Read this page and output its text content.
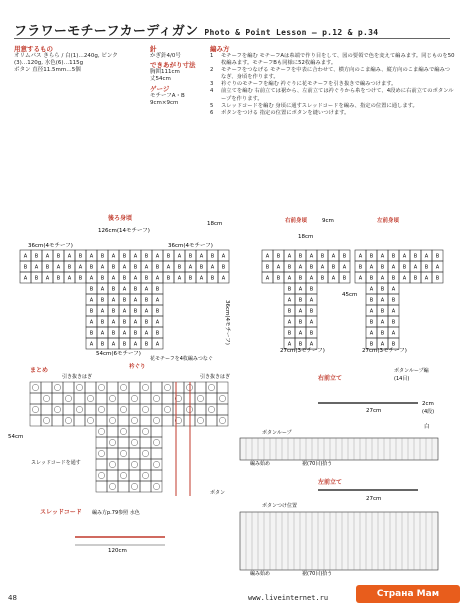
フラワーモチーフカーディガン Photo & Point Lesson – p.12 & p.34
用意するもの
オリムパス きらら / 白(1)…240g, ピンク
(3)…120g, 水色(6)…115g
ボタン 直径11.5mm…5個
針
かぎ針4/0号
できあがり寸法
胸囲111cm
丈54cm
ゲージ
モチーフA・B
9cm×9cm
編み方
1	モチーフを編む モチーフAは糸端で作り目をして、図の要領で色を変えて編みます。同じものを50枚編みます。モチーフBも同様に52枚編みます。
2	モチーフをつなげる モチーフを中表に合わせて、横方向のこま編み、縦方向のこま編みで編みつなぎ、身頃を作ります。
3	衿ぐりのモチーフを編む 衿ぐりに花モチーフを引き抜きで編みつけます。
4	前立てを編む 右前立ては裾から、左前立ては衿ぐりから糸をつけて、4段めに右前立てのボタンループを作ります。
5	スレッドコードを編む 身頃に通すスレッドコードを編み、指定の位置に通します。
6	ボタンをつける 指定の位置にボタンを縫いつけます。
A B A B A B A B A B A B A B A B A B A
B A B A B A B A B A B A B A B A B A B
A B A B A B A B A B A B A B A B A B A
B A B A B A B
A B A B A B A
B A B A B A B
A B A B A B A
B A B A B A B
A B A B A B A
A B A B A B A B
B A B A B A B A
A B A B A B A B
B A B
A B A
B A B
A B A
B A B
A B A
A B A B A B A B
B A B A B A B A
A B A B A B A B
A B A
B A B
A B A
B A B
A B A
B A B
後ろ身頃
126cm(14モチーフ)
36cm(4モチーフ)	36cm(4モチーフ)
54cm(6モチーフ)
18cm
36cm(4モチーフ)
右前身頃	左前身頃
9cm
18cm
45cm
27cm(3モチーフ)	27cm(3モチーフ)
まとめ	衿ぐり
花モチーフを4枚編みつなぐ
引き抜きはぎ	引き抜きはぎ
スレッドコードを通す
ボタン
54cm
右前立て
左前立て
ボタンループ編
(14目)
ボタンループ
ボタンつけ位置
編み始め	裾(70目)拾う
編み始め	裾(70目)拾う
27cm
27cm
2cm
(4段)
白
スレッドコード 編み方p.79参照 水色
120cm
48	www.liveinternet.ru	Страна Мам
